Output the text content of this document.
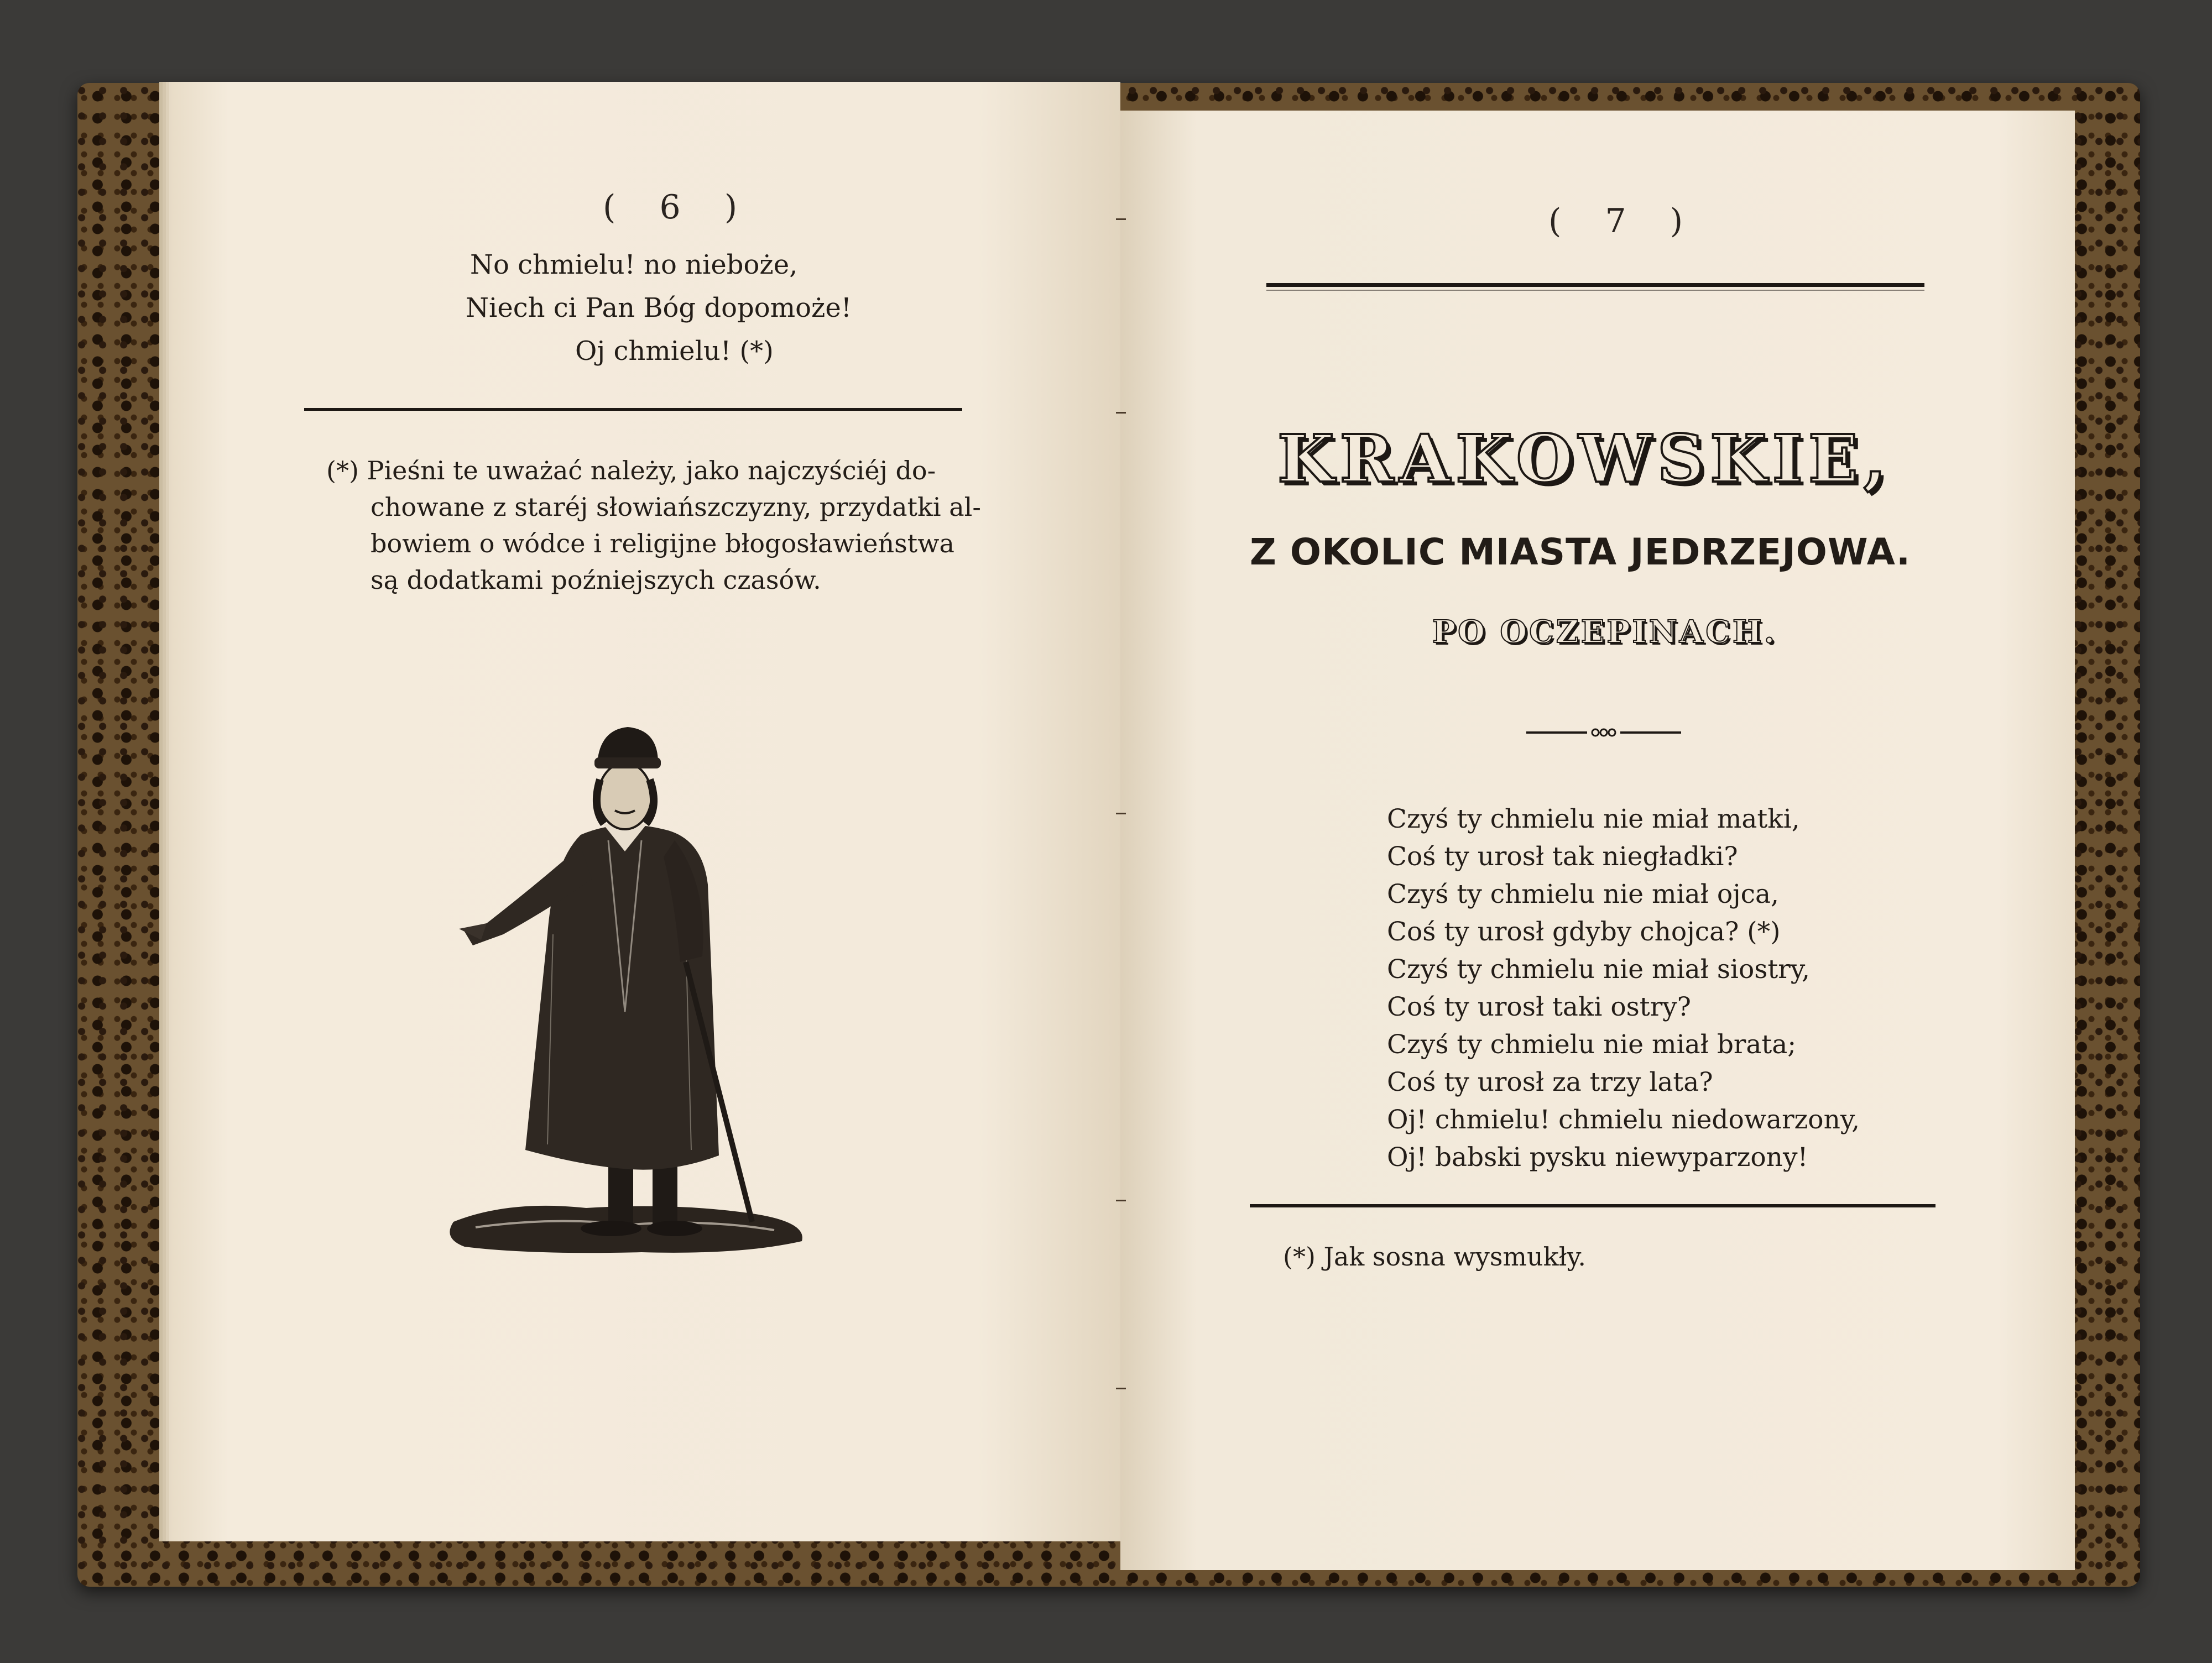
( 6 )
No chmielu! no nieboże,
Niech ci Pan Bóg dopomoże!
Oj chmielu! (*)
(*) Pieśni te uważać należy, jako najczyściéj do-
chowane z staréj słowiańszczyzny, przydatki al-
bowiem o wódce i religijne błogosławieństwa
są dodatkami poźniejszych czasów.
( 7 )
KRAKOWSKIE,
Z OKOLIC MIASTA JEDRZEJOWA.
PO OCZEPINACH.
Czyś ty chmielu nie miał matki,
Coś ty urosł tak niegładki?
Czyś ty chmielu nie miał ojca,
Coś ty urosł gdyby chojca? (*)
Czyś ty chmielu nie miał siostry,
Coś ty urosł taki ostry?
Czyś ty chmielu nie miał brata;
Coś ty urosł za trzy lata?
Oj! chmielu! chmielu niedowarzony,
Oj! babski pysku niewyparzony!
(*) Jak sosna wysmukły.
